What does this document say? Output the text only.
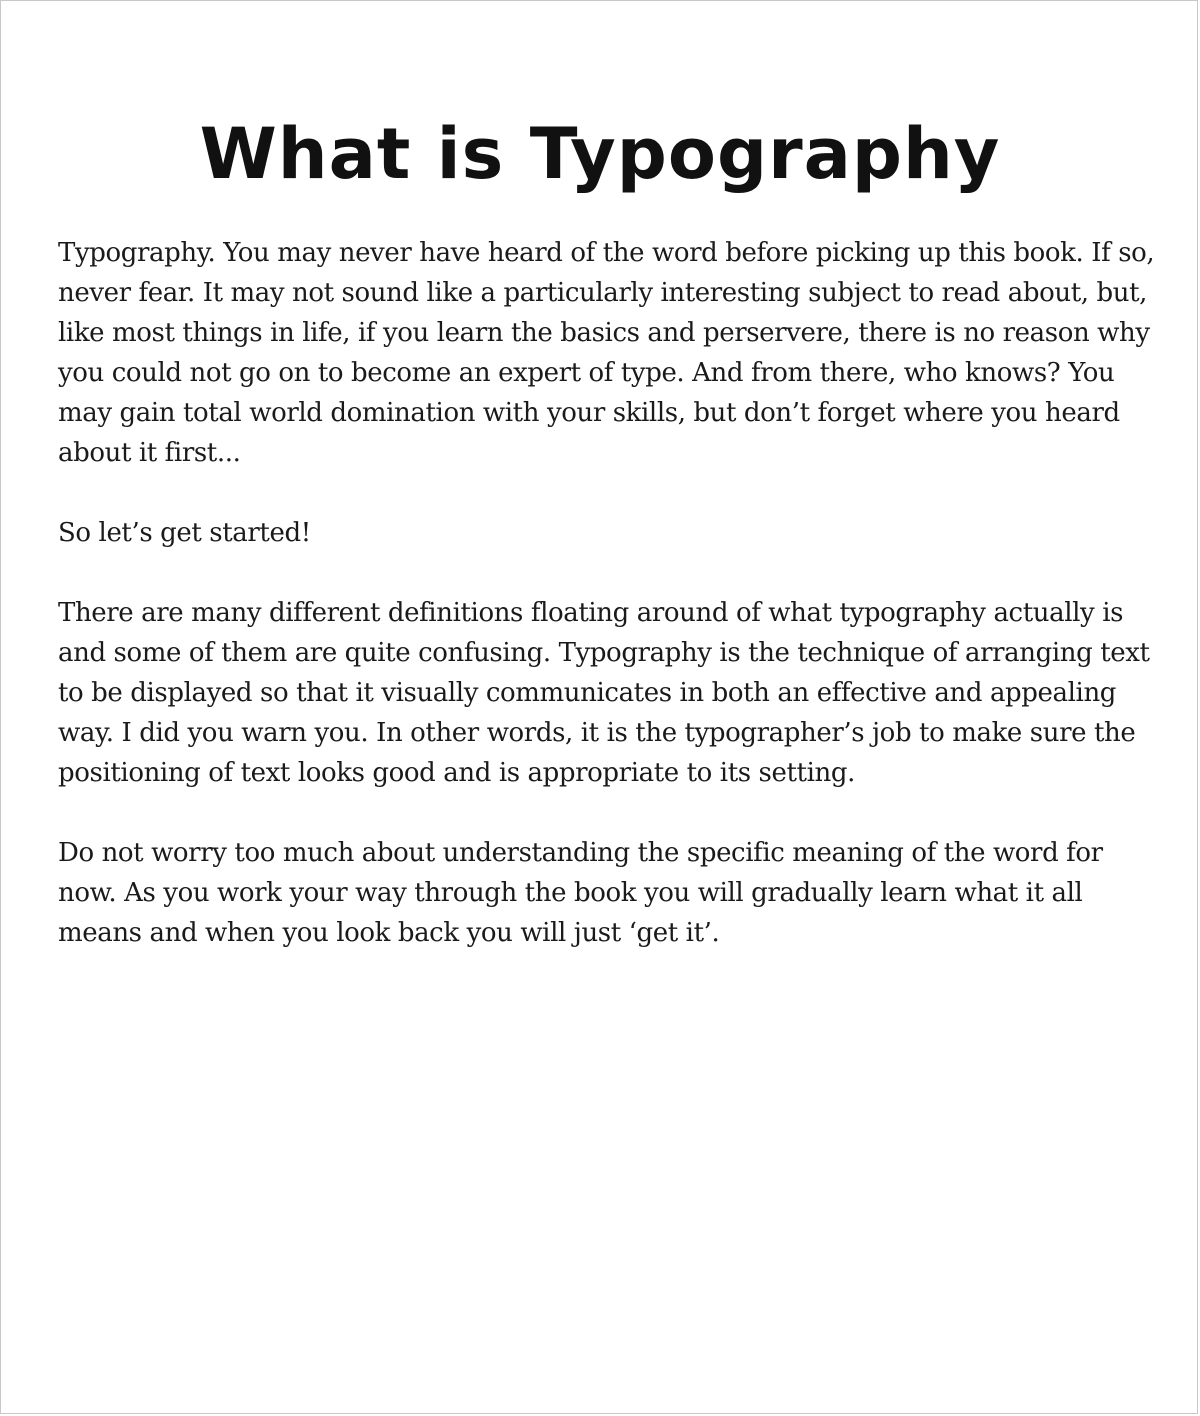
What is Typography

Typography. You may never have heard of the word before picking up this book. If so, never fear. It may not sound like a particularly interesting subject to read about, but, like most things in life, if you learn the basics and perservere, there is no reason why you could not go on to become an expert of type. And from there, who knows? You may gain total world domination with your skills, but don’t forget where you heard about it first...

So let’s get started!

There are many different definitions floating around of what typography actually is and some of them are quite confusing. Typography is the technique of arranging text to be displayed so that it visually communicates in both an effective and appealing way. I did you warn you. In other words, it is the typographer’s job to make sure the positioning of text looks good and is appropriate to its setting.

Do not worry too much about understanding the specific meaning of the word for now. As you work your way through the book you will gradually learn what it all means and when you look back you will just ‘get it’.
